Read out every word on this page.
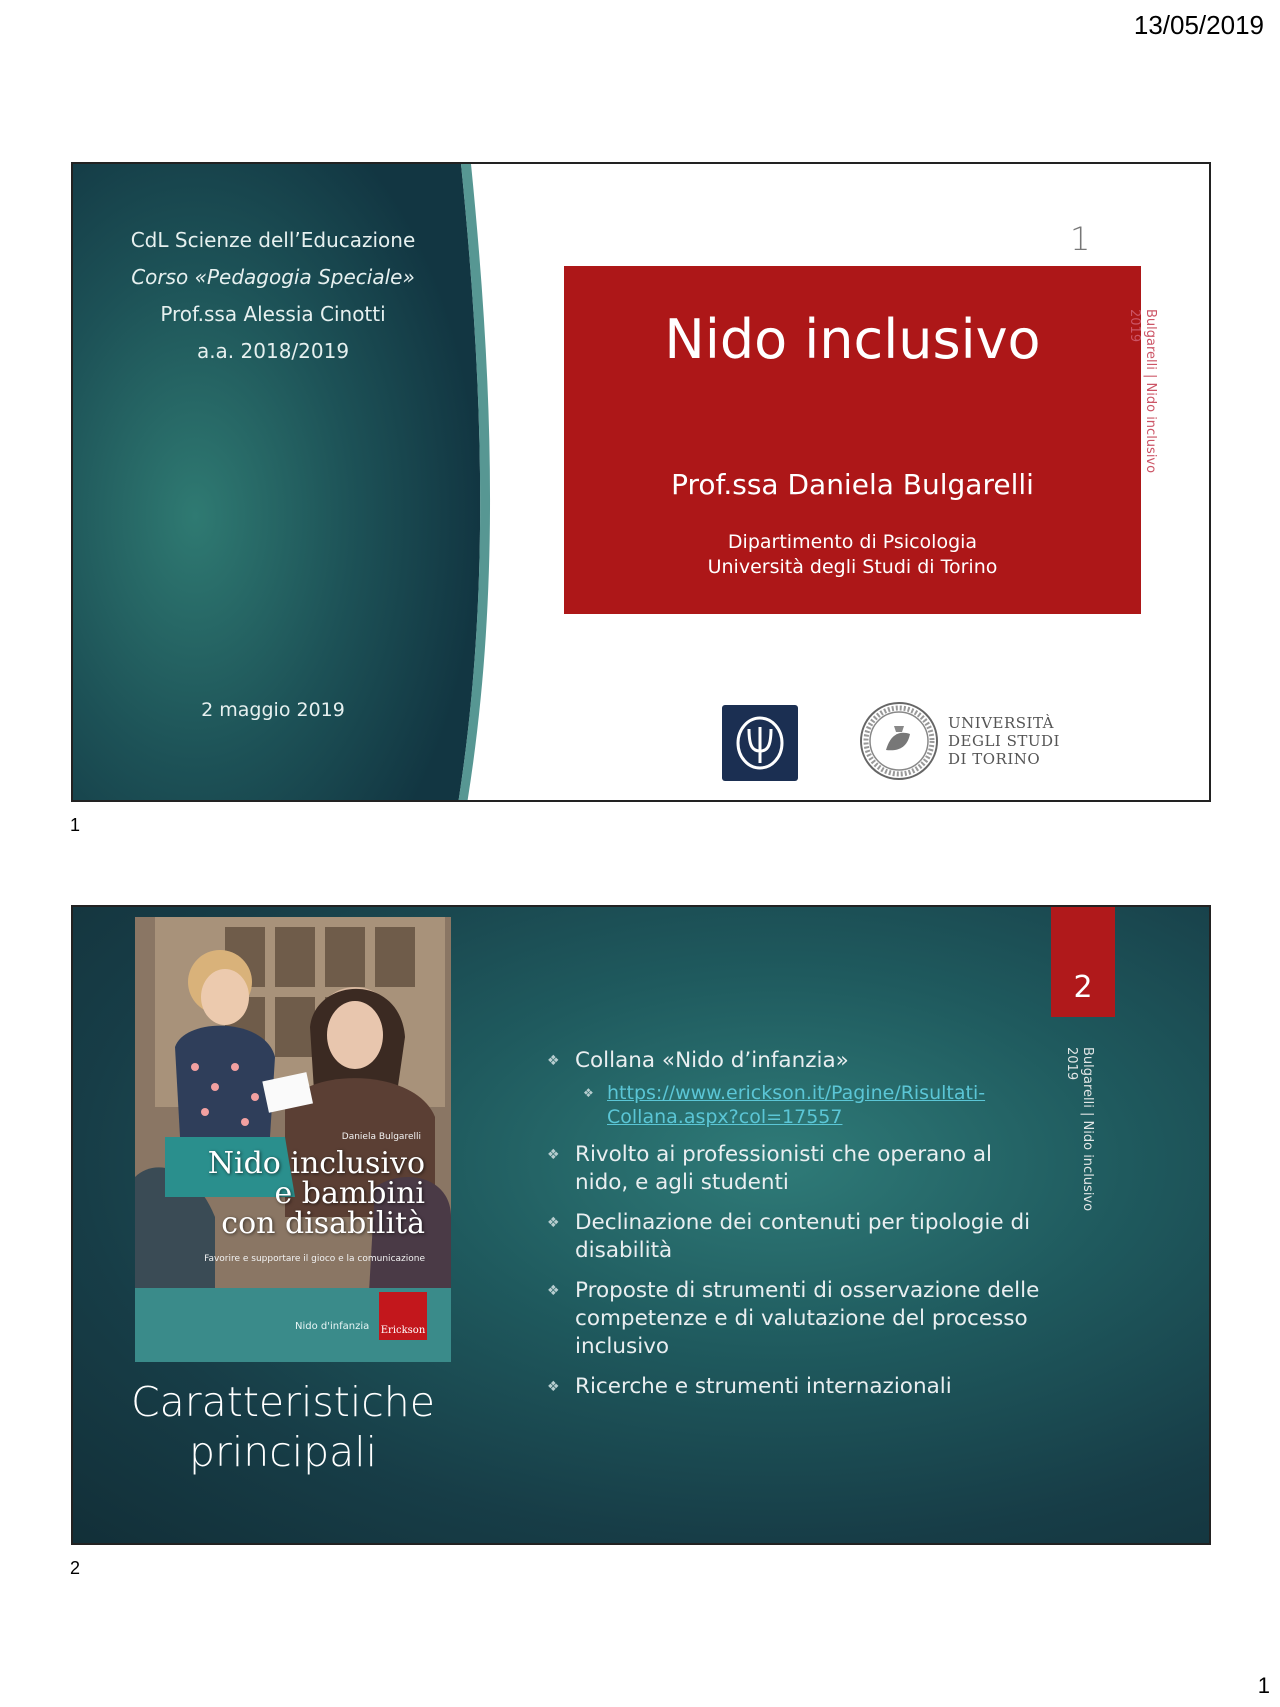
13/05/2019
CdL Scienze dell’Educazione
Corso «Pedagogia Speciale»
Prof.ssa Alessia Cinotti
a.a. 2018/2019
2 maggio 2019
1
Nido inclusivo
Prof.ssa Daniela Bulgarelli
Dipartimento di Psicologia
Università degli Studi di Torino
Bulgarelli | Nido inclusivo
2019
UNIVERSITÀ
DEGLI STUDI
DI TORINO
1
Daniela Bulgarelli
Nido inclusivo
e bambini
con disabilità
Favorire e supportare il gioco e la comunicazione
Nido d'infanzia Erickson
Caratteristiche principali
2
Bulgarelli | Nido inclusivo
2019
❖ Collana «Nido d’infanzia»
❖ https://www.erickson.it/Pagine/Risultati-
Collana.aspx?col=17557
❖ Rivolto ai professionisti che operano al nido, e agli studenti
❖ Declinazione dei contenuti per tipologie di disabilità
❖ Proposte di strumenti di osservazione delle competenze e di valutazione del processo inclusivo
❖ Ricerche e strumenti internazionali
2
1
